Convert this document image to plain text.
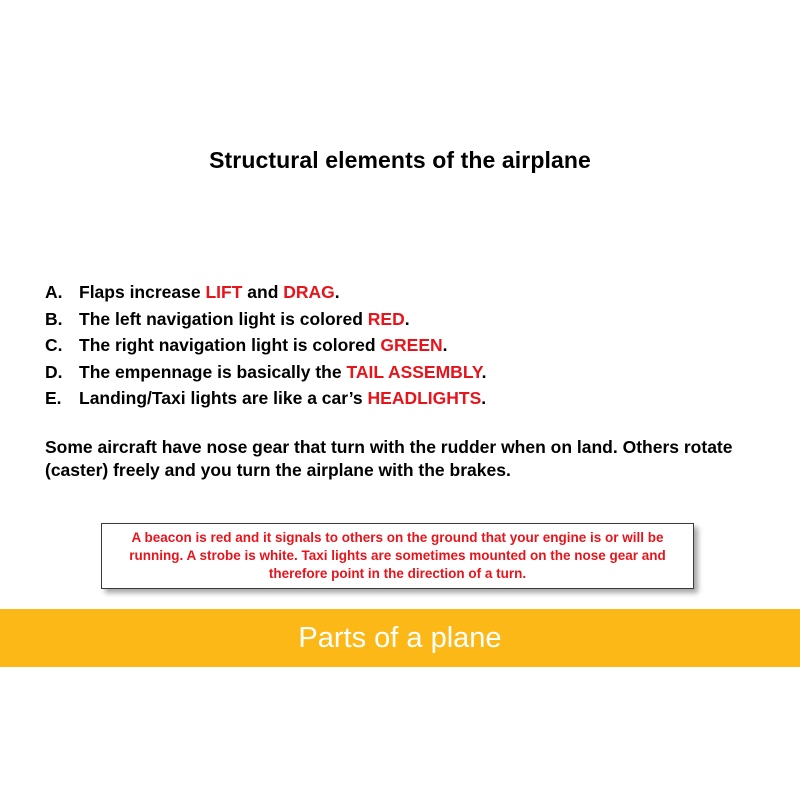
Structural elements of the airplane
A. Flaps increase LIFT and DRAG.
B. The left navigation light is colored RED.
C. The right navigation light is colored GREEN.
D. The empennage is basically the TAIL ASSEMBLY.
E. Landing/Taxi lights are like a car’s HEADLIGHTS.

Some aircraft have nose gear that turn with the rudder when on land. Others rotate (caster) freely and you turn the airplane with the brakes.

A beacon is red and it signals to others on the ground that your engine is or will be running. A strobe is white. Taxi lights are sometimes mounted on the nose gear and therefore point in the direction of a turn.

Parts of a plane
